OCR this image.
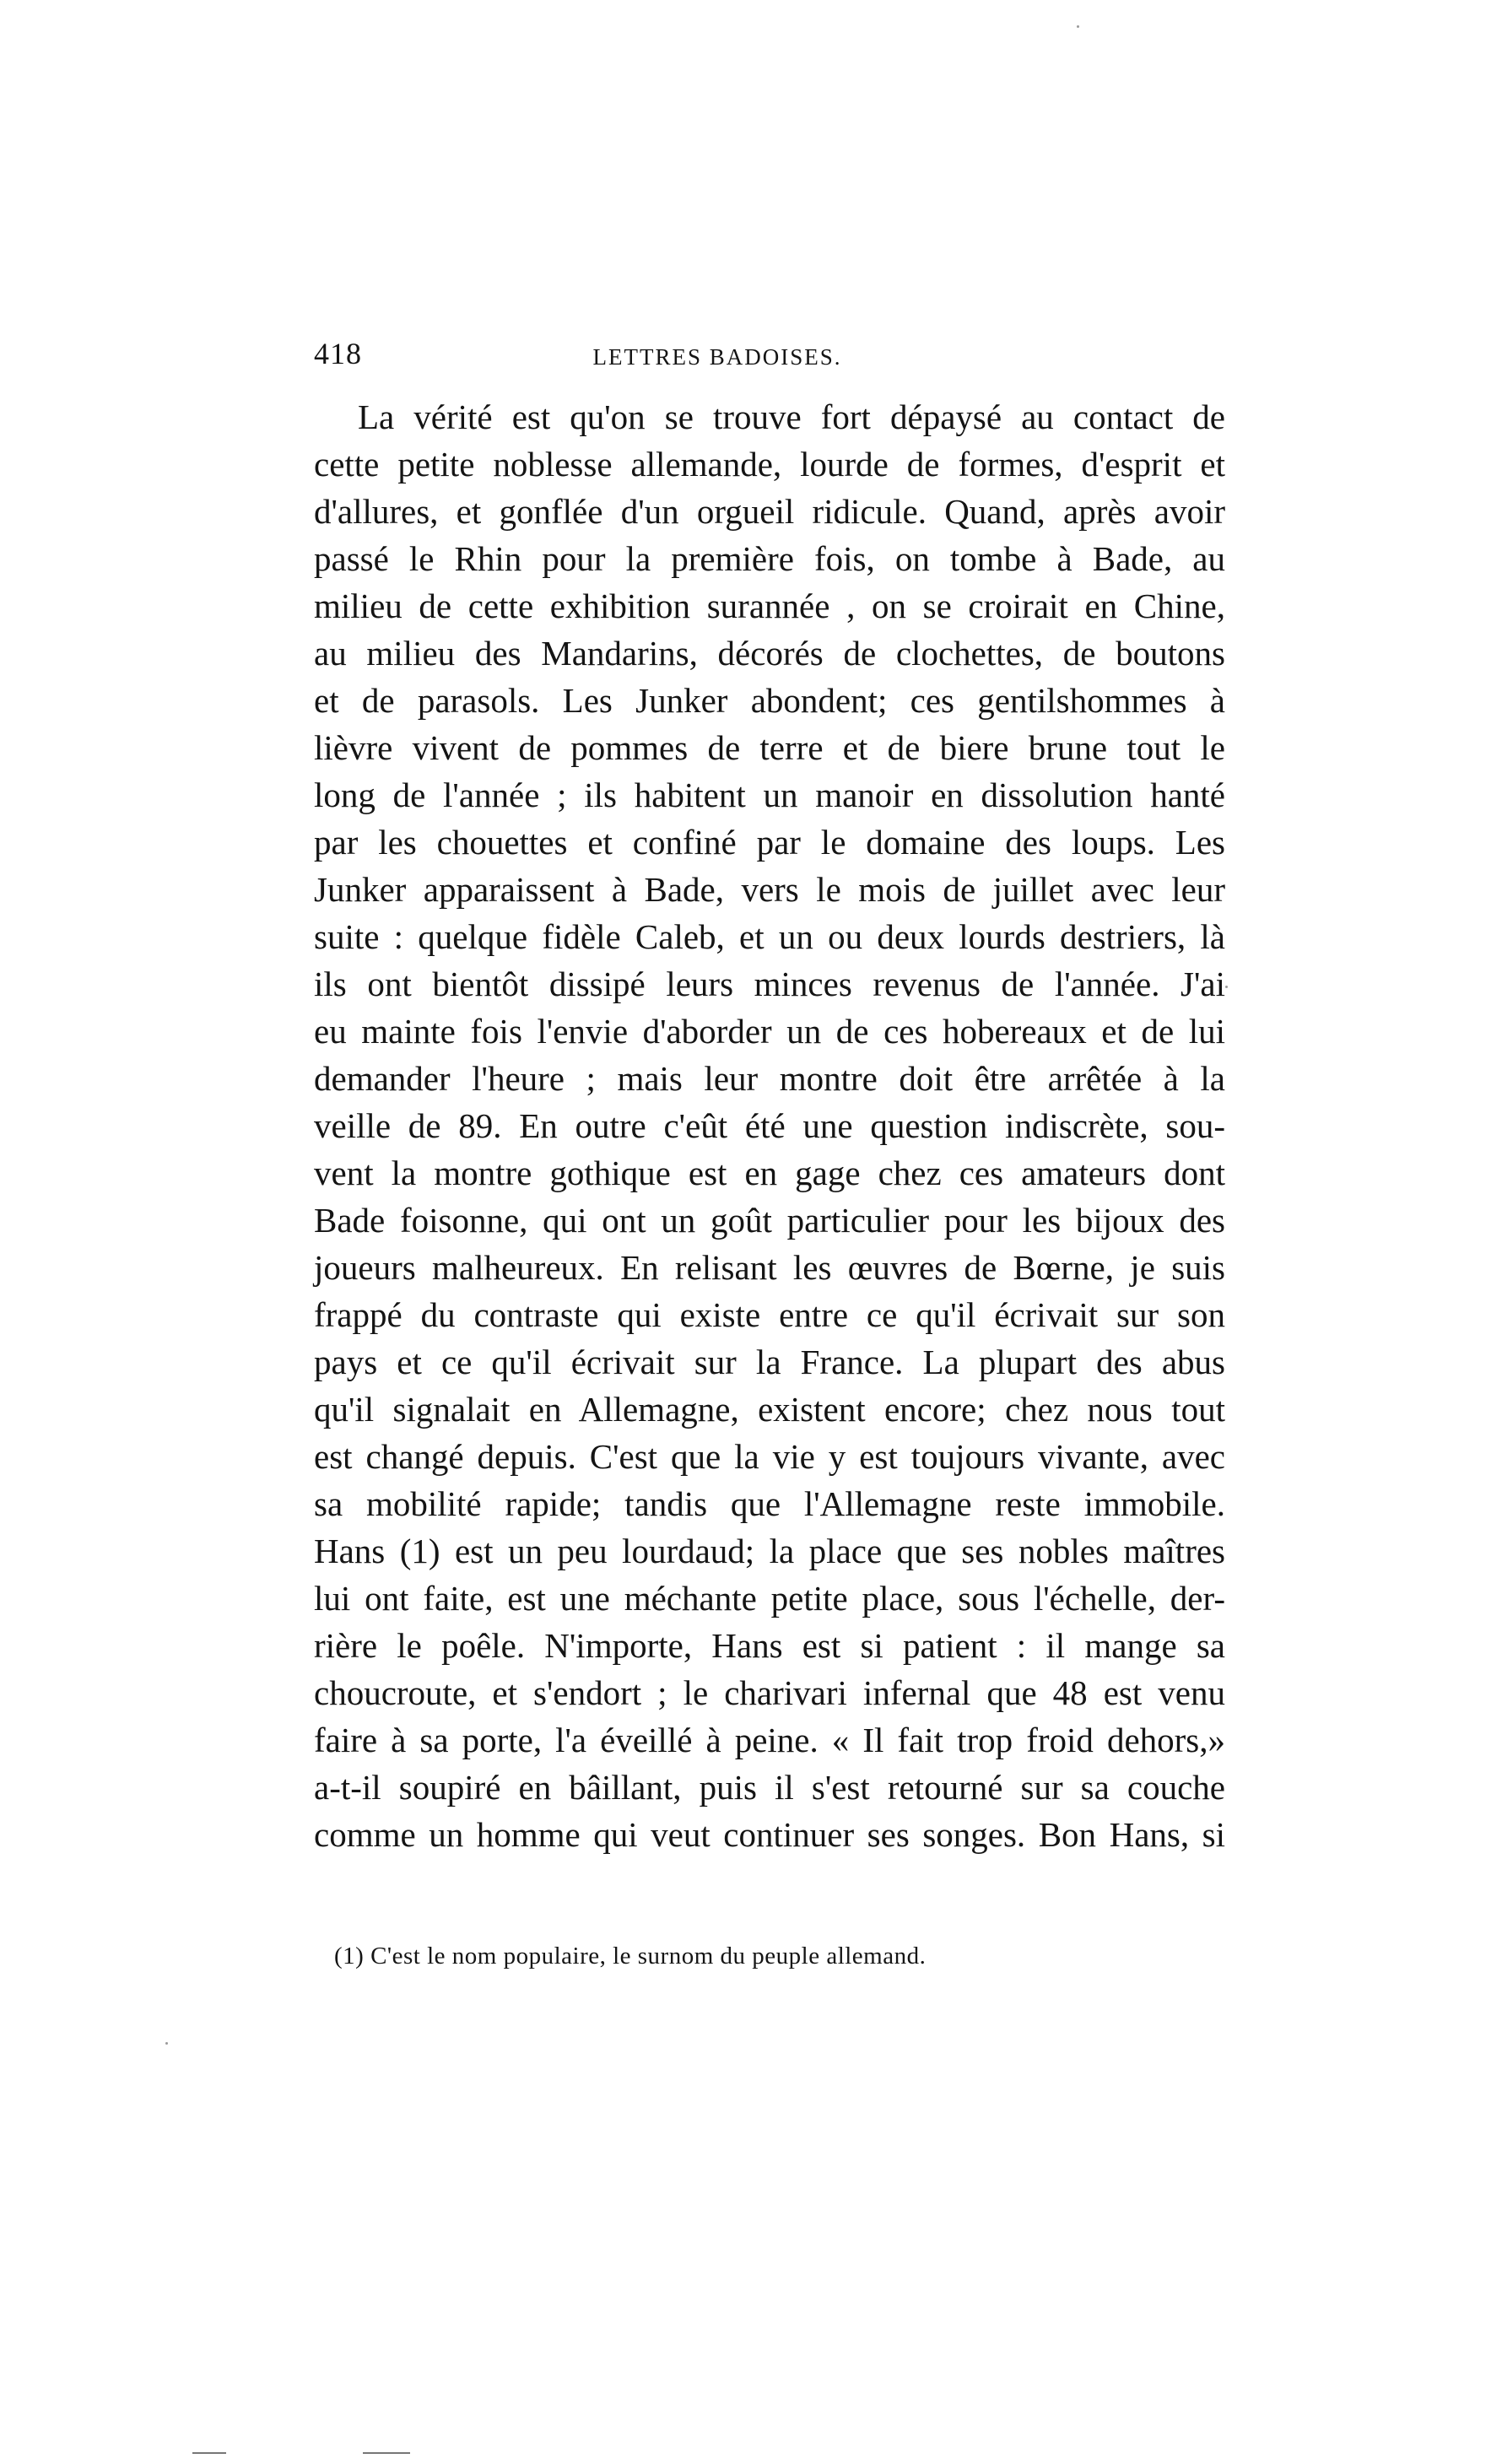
418	LETTRES BADOISES.
La vérité est qu'on se trouve fort dépaysé au contact de
cette petite noblesse allemande, lourde de formes, d'esprit et
d'allures, et gonflée d'un orgueil ridicule. Quand, après avoir
passé le Rhin pour la première fois, on tombe à Bade, au
milieu de cette exhibition surannée , on se croirait en Chine,
au milieu des Mandarins, décorés de clochettes, de boutons
et de parasols. Les Junker abondent; ces gentilshommes à
lièvre vivent de pommes de terre et de biere brune tout le
long de l'année ; ils habitent un manoir en dissolution hanté
par les chouettes et confiné par le domaine des loups. Les
Junker apparaissent à Bade, vers le mois de juillet avec leur
suite : quelque fidèle Caleb, et un ou deux lourds destriers, là
ils ont bientôt dissipé leurs minces revenus de l'année. J'ai
eu mainte fois l'envie d'aborder un de ces hobereaux et de lui
demander l'heure ; mais leur montre doit être arrêtée à la
veille de 89. En outre c'eût été une question indiscrète, sou-
vent la montre gothique est en gage chez ces amateurs dont
Bade foisonne, qui ont un goût particulier pour les bijoux des
joueurs malheureux. En relisant les œuvres de Bœrne, je suis
frappé du contraste qui existe entre ce qu'il écrivait sur son
pays et ce qu'il écrivait sur la France. La plupart des abus
qu'il signalait en Allemagne, existent encore; chez nous tout
est changé depuis. C'est que la vie y est toujours vivante, avec
sa mobilité rapide; tandis que l'Allemagne reste immobile.
Hans (1) est un peu lourdaud; la place que ses nobles maîtres
lui ont faite, est une méchante petite place, sous l'échelle, der-
rière le poêle. N'importe, Hans est si patient : il mange sa
choucroute, et s'endort ; le charivari infernal que 48 est venu
faire à sa porte, l'a éveillé à peine. « Il fait trop froid dehors,»
a-t-il soupiré en bâillant, puis il s'est retourné sur sa couche
comme un homme qui veut continuer ses songes. Bon Hans, si
(1) C'est le nom populaire, le surnom du peuple allemand.
